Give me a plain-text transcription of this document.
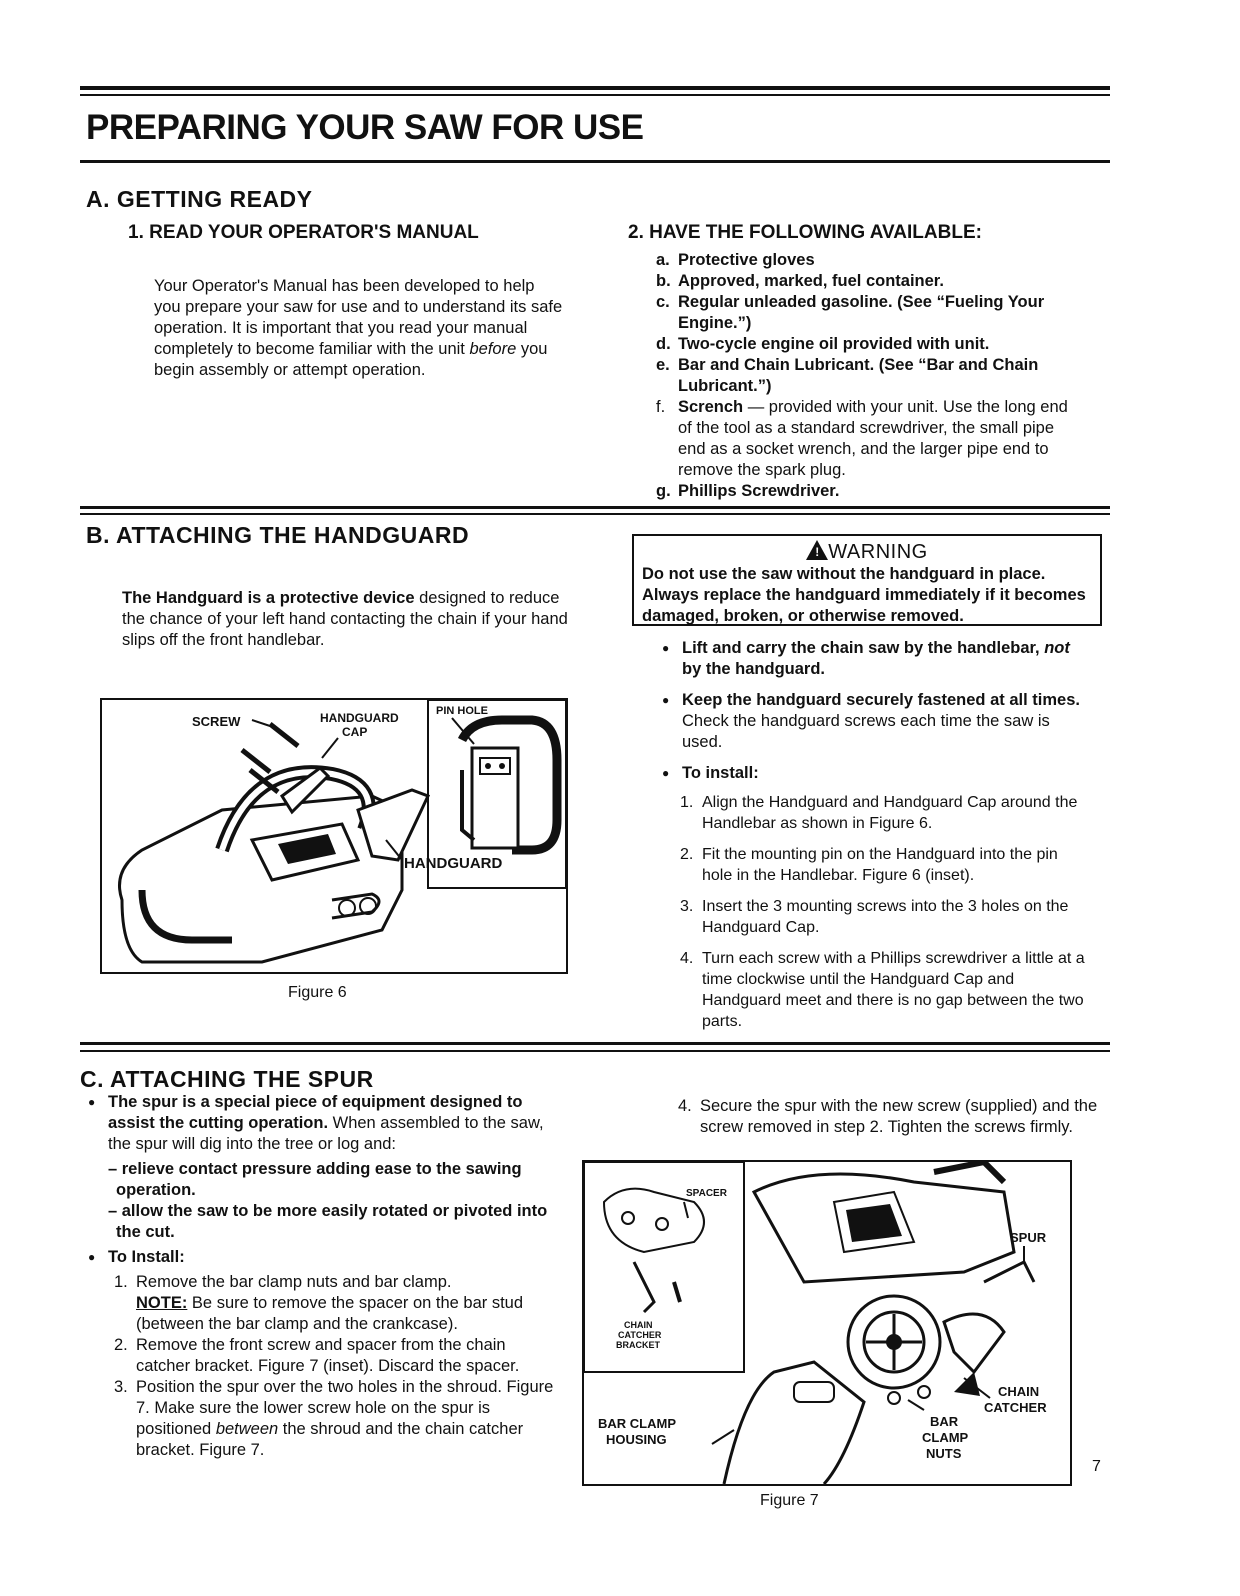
PREPARING YOUR SAW FOR USE
A. GETTING READY
1. READ YOUR OPERATOR'S MANUAL

Your Operator's Manual has been developed to help you prepare your saw for use and to understand its safe operation. It is important that you read your manual completely to become familiar with the unit before you begin assembly or attempt operation.

2. HAVE THE FOLLOWING AVAILABLE:
a. Protective gloves
b. Approved, marked, fuel container.
c. Regular unleaded gasoline. (See “Fueling Your Engine.”)
d. Two-cycle engine oil provided with unit.
e. Bar and Chain Lubricant. (See “Bar and Chain Lubricant.”)
f. Scrench — provided with your unit. Use the long end of the tool as a standard screwdriver, the small pipe end as a socket wrench, and the larger pipe end to remove the spark plug.
g. Phillips Screwdriver.
B. ATTACHING THE HANDGUARD

The Handguard is a protective device designed to reduce the chance of your left hand contacting the chain if your hand slips off the front handlebar.

SCREW	HANDGUARD
CAP
PIN HOLE
HANDGUARD
Figure 6
! WARNING
Do not use the saw without the handguard in place. Always replace the handguard immediately if it becomes damaged, broken, or otherwise removed.
● Lift and carry the chain saw by the handlebar, not by the handguard.
● Keep the handguard securely fastened at all times. Check the handguard screws each time the saw is used.
● To install:
1. Align the Handguard and Handguard Cap around the Handlebar as shown in Figure 6.
2. Fit the mounting pin on the Handguard into the pin hole in the Handlebar. Figure 6 (inset).
3. Insert the 3 mounting screws into the 3 holes on the Handguard Cap.
4. Turn each screw with a Phillips screwdriver a little at a time clockwise until the Handguard Cap and Handguard meet and there is no gap between the two parts.
C. ATTACHING THE SPUR
● The spur is a special piece of equipment designed to assist the cutting operation. When assembled to the saw, the spur will dig into the tree or log and:
– relieve contact pressure adding ease to the sawing operation.
– allow the saw to be more easily rotated or pivoted into the cut.
● To Install:
1. Remove the bar clamp nuts and bar clamp.
NOTE: Be sure to remove the spacer on the bar stud (between the bar clamp and the crankcase).
2. Remove the front screw and spacer from the chain catcher bracket. Figure 7 (inset). Discard the spacer.
3. Position the spur over the two holes in the shroud. Figure 7. Make sure the lower screw hole on the spur is positioned between the shroud and the chain catcher bracket. Figure 7.
4. Secure the spur with the new screw (supplied) and the screw removed in step 2. Tighten the screws firmly.
SPACER
CHAIN
CATCHER
BRACKET
SPUR
CHAIN
CATCHER
BAR CLAMP
HOUSING
BAR
CLAMP
NUTS
Figure 7
7
